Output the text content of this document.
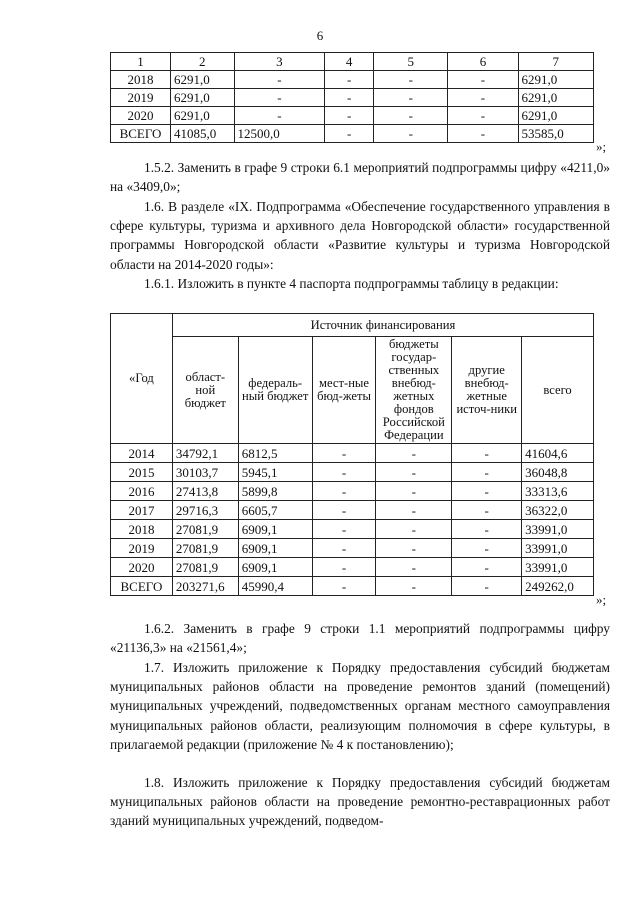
6
1	2	3	4	5	6	7
2018	6291,0	-	-	-	-	6291,0
2019	6291,0	-	-	-	-	6291,0
2020	6291,0	-	-	-	-	6291,0
ВСЕГО	41085,0	12500,0	-	-	-	53585,0
»;
1.5.2. Заменить в графе 9 строки 6.1 мероприятий подпрограммы цифру «4211,0» на «3409,0»;
1.6. В разделе «IX. Подпрограмма «Обеспечение государственного управления в сфере культуры, туризма и архивного дела Новгородской области» государственной программы Новгородской области «Развитие культуры и туризма Новгородской области на 2014-2020 годы»:
1.6.1. Изложить в пункте 4 паспорта подпрограммы таблицу в редакции:
«Год	Источник финансирования					
	област-ной бюджет	федераль-ный бюджет	мест-ные бюд-жеты	бюджеты государ-ственных внебюд-жетных фондов Российской Федерации	другие внебюд-жетные источ-ники	всего
2014	34792,1	6812,5	-	-	-	41604,6
2015	30103,7	5945,1	-	-	-	36048,8
2016	27413,8	5899,8	-	-	-	33313,6
2017	29716,3	6605,7	-	-	-	36322,0
2018	27081,9	6909,1	-	-	-	33991,0
2019	27081,9	6909,1	-	-	-	33991,0
2020	27081,9	6909,1	-	-	-	33991,0
ВСЕГО	203271,6	45990,4	-	-	-	249262,0
»;
1.6.2. Заменить в графе 9 строки 1.1 мероприятий подпрограммы цифру «21136,3» на «21561,4»;
1.7. Изложить приложение к Порядку предоставления субсидий бюджетам муниципальных районов области на проведение ремонтов зданий (помещений) муниципальных учреждений, подведомственных органам местного самоуправления муниципальных районов области, реализующим полномочия в сфере культуры, в прилагаемой редакции (приложение № 4 к постановлению);
1.8. Изложить приложение к Порядку предоставления субсидий бюджетам муниципальных районов области на проведение ремонтно-реставрационных работ зданий муниципальных учреждений, подведом-
